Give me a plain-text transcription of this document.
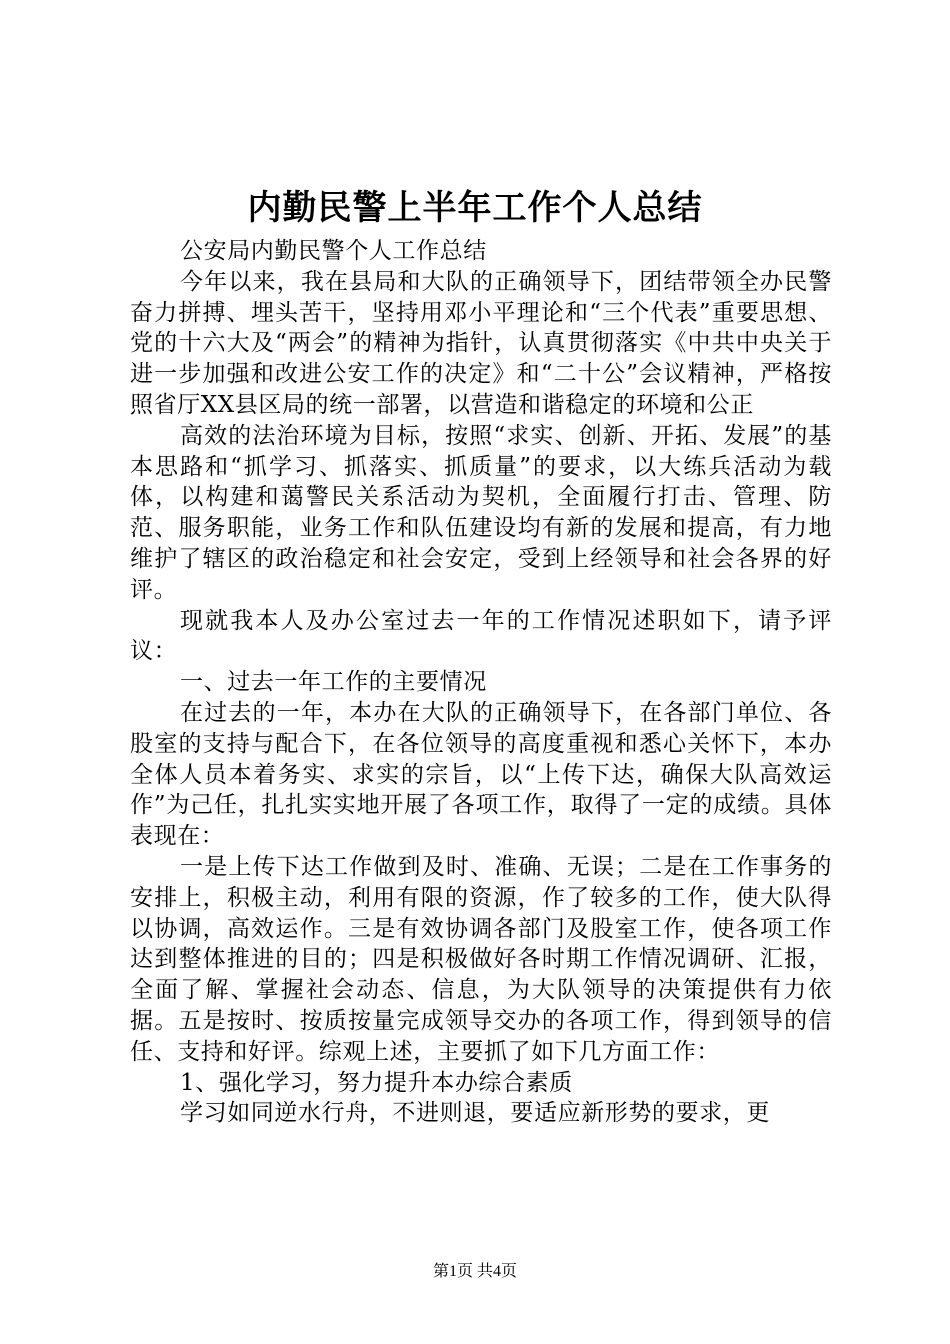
内勤民警上半年工作个人总结

公安局内勤民警个人工作总结

今年以来，我在县局和大队的正确领导下，团结带领全办民警奋力拼搏、埋头苦干，坚持用邓小平理论和“三个代表”重要思想、党的十六大及“两会”的精神为指针，认真贯彻落实《中共中央关于进一步加强和改进公安工作的决定》和“二十公”会议精神，严格按照省厅XX县区局的统一部署，以营造和谐稳定的环境和公正

高效的法治环境为目标，按照“求实、创新、开拓、发展”的基本思路和“抓学习、抓落实、抓质量”的要求，以大练兵活动为载体，以构建和蔼警民关系活动为契机，全面履行打击、管理、防范、服务职能，业务工作和队伍建设均有新的发展和提高，有力地维护了辖区的政治稳定和社会安定，受到上经领导和社会各界的好评。

现就我本人及办公室过去一年的工作情况述职如下，请予评议：

一、过去一年工作的主要情况

在过去的一年，本办在大队的正确领导下，在各部门单位、各股室的支持与配合下，在各位领导的高度重视和悉心关怀下，本办全体人员本着务实、求实的宗旨，以“上传下达，确保大队高效运作”为己任，扎扎实实地开展了各项工作，取得了一定的成绩。具体表现在：

一是上传下达工作做到及时、准确、无误；二是在工作事务的安排上，积极主动，利用有限的资源，作了较多的工作，使大队得以协调，高效运作。三是有效协调各部门及股室工作，使各项工作达到整体推进的目的；四是积极做好各时期工作情况调研、汇报，全面了解、掌握社会动态、信息，为大队领导的决策提供有力依据。五是按时、按质按量完成领导交办的各项工作，得到领导的信任、支持和好评。综观上述，主要抓了如下几方面工作：

1、强化学习，努力提升本办综合素质

学习如同逆水行舟，不进则退，要适应新形势的要求，更

第1页 共4页
